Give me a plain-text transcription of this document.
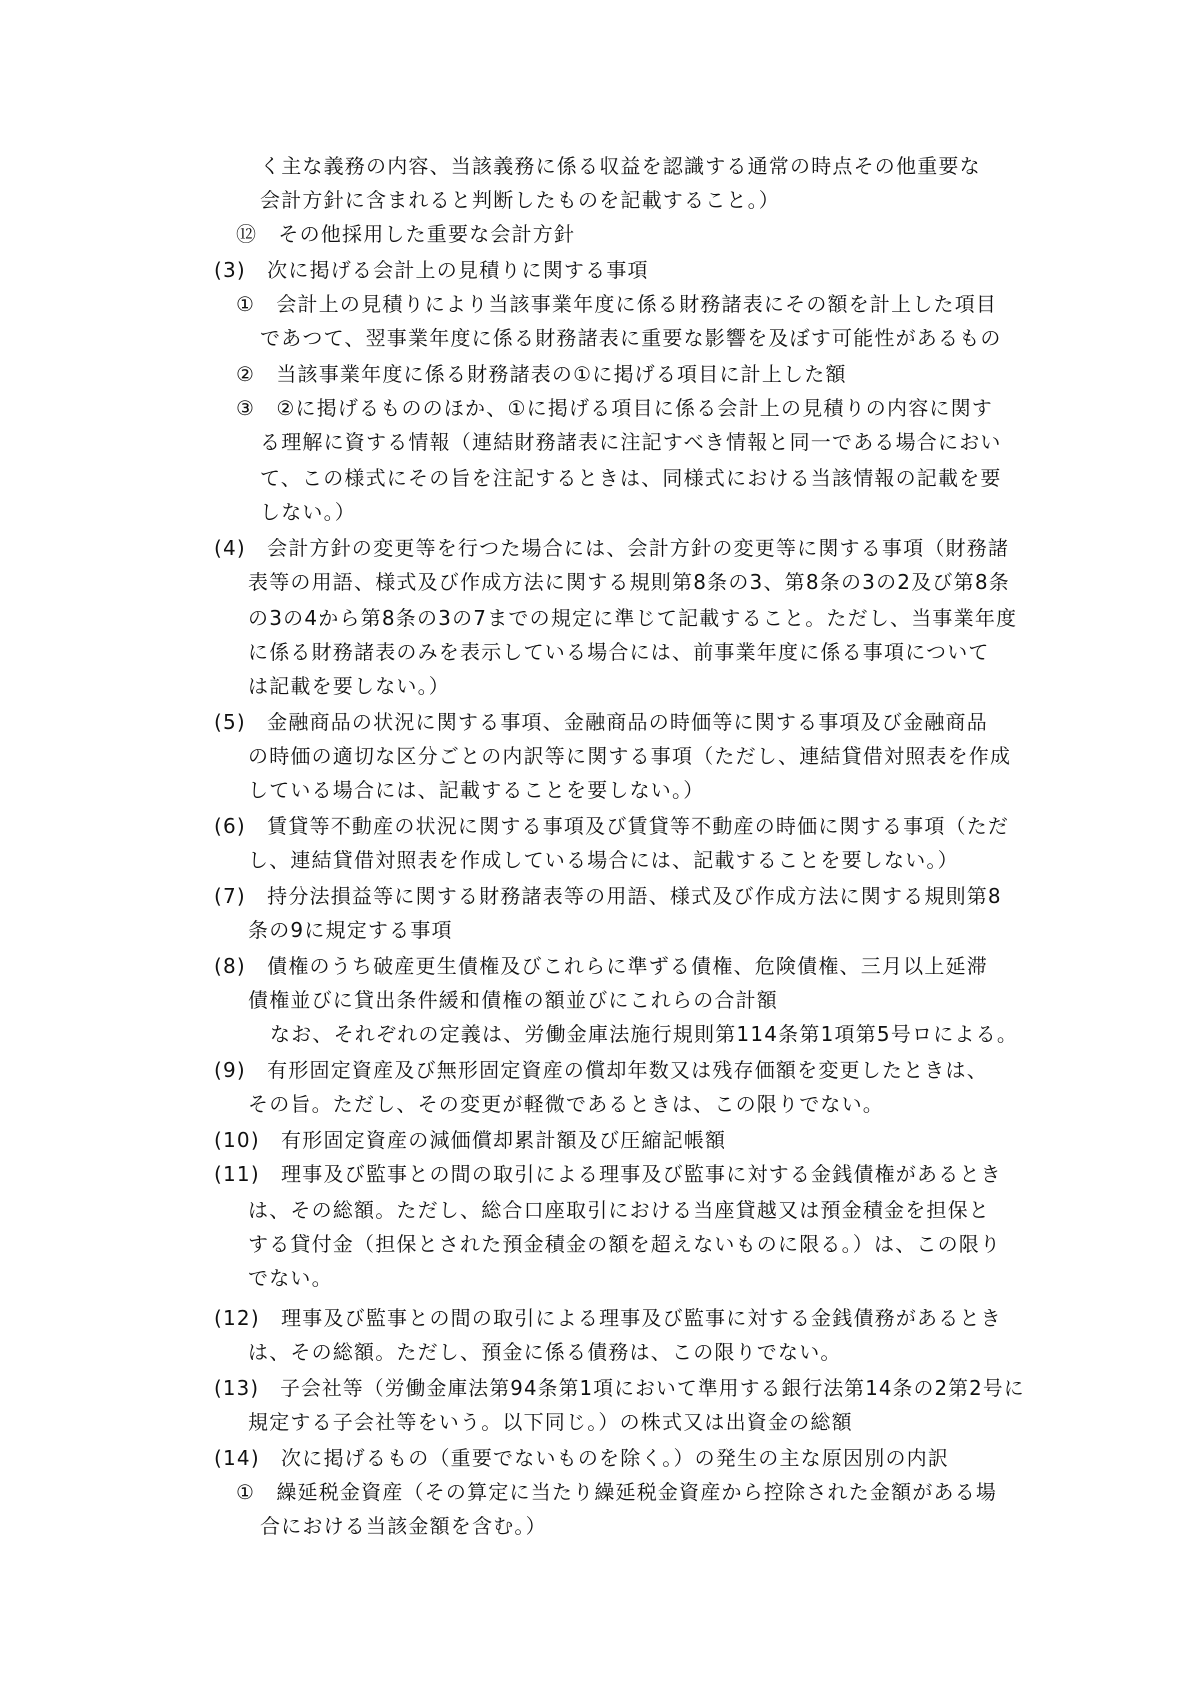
く主な義務の内容、当該義務に係る収益を認識する通常の時点その他重要な
会計方針に含まれると判断したものを記載すること。）
⑫　その他採用した重要な会計方針
(3)　次に掲げる会計上の見積りに関する事項
①　会計上の見積りにより当該事業年度に係る財務諸表にその額を計上した項目
であつて、翌事業年度に係る財務諸表に重要な影響を及ぼす可能性があるもの
②　当該事業年度に係る財務諸表の①に掲げる項目に計上した額
③　②に掲げるもののほか、①に掲げる項目に係る会計上の見積りの内容に関す
る理解に資する情報（連結財務諸表に注記すべき情報と同一である場合におい
て、この様式にその旨を注記するときは、同様式における当該情報の記載を要
しない。）
(4)　会計方針の変更等を行つた場合には、会計方針の変更等に関する事項（財務諸
表等の用語、様式及び作成方法に関する規則第8条の3、第8条の3の2及び第8条
の3の4から第8条の3の7までの規定に準じて記載すること。ただし、当事業年度
に係る財務諸表のみを表示している場合には、前事業年度に係る事項について
は記載を要しない。）
(5)　金融商品の状況に関する事項、金融商品の時価等に関する事項及び金融商品
の時価の適切な区分ごとの内訳等に関する事項（ただし、連結貸借対照表を作成
している場合には、記載することを要しない。）
(6)　賃貸等不動産の状況に関する事項及び賃貸等不動産の時価に関する事項（ただ
し、連結貸借対照表を作成している場合には、記載することを要しない。）
(7)　持分法損益等に関する財務諸表等の用語、様式及び作成方法に関する規則第8
条の9に規定する事項
(8)　債権のうち破産更生債権及びこれらに準ずる債権、危険債権、三月以上延滞
債権並びに貸出条件緩和債権の額並びにこれらの合計額
なお、それぞれの定義は、労働金庫法施行規則第114条第1項第5号ロによる。
(9)　有形固定資産及び無形固定資産の償却年数又は残存価額を変更したときは、
その旨。ただし、その変更が軽微であるときは、この限りでない。
(10)　有形固定資産の減価償却累計額及び圧縮記帳額
(11)　理事及び監事との間の取引による理事及び監事に対する金銭債権があるとき
は、その総額。ただし、総合口座取引における当座貸越又は預金積金を担保と
する貸付金（担保とされた預金積金の額を超えないものに限る。）は、この限り
でない。
(12)　理事及び監事との間の取引による理事及び監事に対する金銭債務があるとき
は、その総額。ただし、預金に係る債務は、この限りでない。
(13)　子会社等（労働金庫法第94条第1項において準用する銀行法第14条の2第2号に
規定する子会社等をいう。以下同じ。）の株式又は出資金の総額
(14)　次に掲げるもの（重要でないものを除く。）の発生の主な原因別の内訳
①　繰延税金資産（その算定に当たり繰延税金資産から控除された金額がある場
合における当該金額を含む。）
